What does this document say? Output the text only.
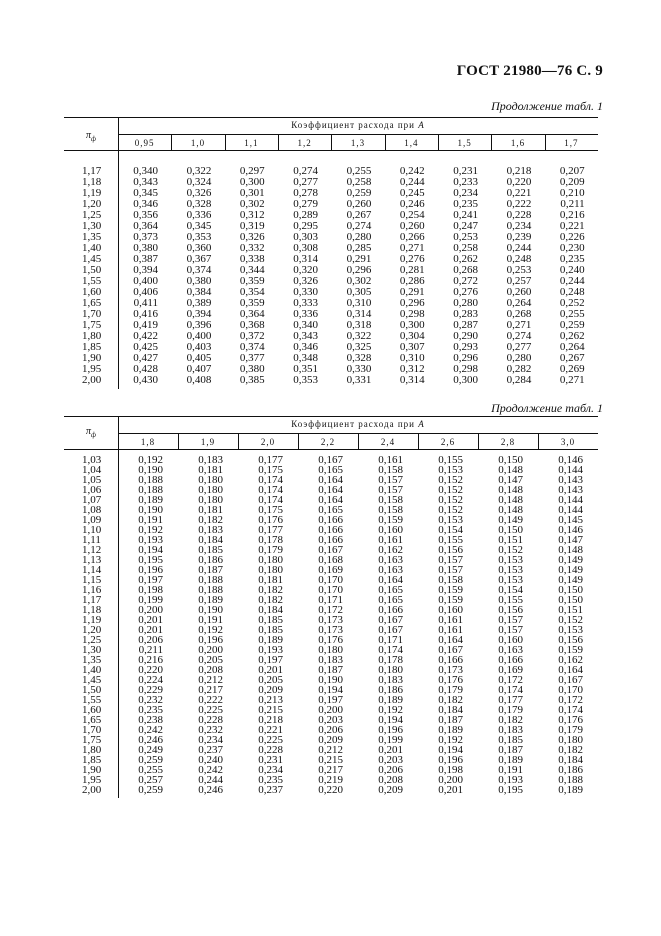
ГОСТ 21980—76 С. 9
Продолжение табл. 1
$\pi_ф$
Коэффициент расхода при A
0,95	1,0	1,1	1,2	1,3	1,4	1,5	1,6	1,7
1,17	0,340	0,322	0,297	0,274	0,255	0,242	0,231	0,218	0,207
1,18	0,343	0,324	0,300	0,277	0,258	0,244	0,233	0,220	0,209
1,19	0,345	0,326	0,301	0,278	0,259	0,245	0,234	0,221	0,210
1,20	0,346	0,328	0,302	0,279	0,260	0,246	0,235	0,222	0,211
1,25	0,356	0,336	0,312	0,289	0,267	0,254	0,241	0,228	0,216
1,30	0,364	0,345	0,319	0,295	0,274	0,260	0,247	0,234	0,221
1,35	0,373	0,353	0,326	0,303	0,280	0,266	0,253	0,239	0,226
1,40	0,380	0,360	0,332	0,308	0,285	0,271	0,258	0,244	0,230
1,45	0,387	0,367	0,338	0,314	0,291	0,276	0,262	0,248	0,235
1,50	0,394	0,374	0,344	0,320	0,296	0,281	0,268	0,253	0,240
1,55	0,400	0,380	0,359	0,326	0,302	0,286	0,272	0,257	0,244
1,60	0,406	0,384	0,354	0,330	0,305	0,291	0,276	0,260	0,248
1,65	0,411	0,389	0,359	0,333	0,310	0,296	0,280	0,264	0,252
1,70	0,416	0,394	0,364	0,336	0,314	0,298	0,283	0,268	0,255
1,75	0,419	0,396	0,368	0,340	0,318	0,300	0,287	0,271	0,259
1,80	0,422	0,400	0,372	0,343	0,322	0,304	0,290	0,274	0,262
1,85	0,425	0,403	0,374	0,346	0,325	0,307	0,293	0,277	0,264
1,90	0,427	0,405	0,377	0,348	0,328	0,310	0,296	0,280	0,267
1,95	0,428	0,407	0,380	0,351	0,330	0,312	0,298	0,282	0,269
2,00	0,430	0,408	0,385	0,353	0,331	0,314	0,300	0,284	0,271
Продолжение табл. 1
$\pi_ф$
Коэффициент расхода при A
1,8	1,9	2,0	2,2	2,4	2,6	2,8	3,0
1,03	0,192	0,183	0,177	0,167	0,161	0,155	0,150	0,146
1,04	0,190	0,181	0,175	0,165	0,158	0,153	0,148	0,144
1,05	0,188	0,180	0,174	0,164	0,157	0,152	0,147	0,143
1,06	0,188	0,180	0,174	0,164	0,157	0,152	0,148	0,143
1,07	0,189	0,180	0,174	0,164	0,158	0,152	0,148	0,144
1,08	0,190	0,181	0,175	0,165	0,158	0,152	0,148	0,144
1,09	0,191	0,182	0,176	0,166	0,159	0,153	0,149	0,145
1,10	0,192	0,183	0,177	0,166	0,160	0,154	0,150	0,146
1,11	0,193	0,184	0,178	0,166	0,161	0,155	0,151	0,147
1,12	0,194	0,185	0,179	0,167	0,162	0,156	0,152	0,148
1,13	0,195	0,186	0,180	0,168	0,163	0,157	0,153	0,149
1,14	0,196	0,187	0,180	0,169	0,163	0,157	0,153	0,149
1,15	0,197	0,188	0,181	0,170	0,164	0,158	0,153	0,149
1,16	0,198	0,188	0,182	0,170	0,165	0,159	0,154	0,150
1,17	0,199	0,189	0,182	0,171	0,165	0,159	0,155	0,150
1,18	0,200	0,190	0,184	0,172	0,166	0,160	0,156	0,151
1,19	0,201	0,191	0,185	0,173	0,167	0,161	0,157	0,152
1,20	0,201	0,192	0,185	0,173	0,167	0,161	0,157	0,153
1,25	0,206	0,196	0,189	0,176	0,171	0,164	0,160	0,156
1,30	0,211	0,200	0,193	0,180	0,174	0,167	0,163	0,159
1,35	0,216	0,205	0,197	0,183	0,178	0,166	0,166	0,162
1,40	0,220	0,208	0,201	0,187	0,180	0,173	0,169	0,164
1,45	0,224	0,212	0,205	0,190	0,183	0,176	0,172	0,167
1,50	0,229	0,217	0,209	0,194	0,186	0,179	0,174	0,170
1,55	0,232	0,222	0,213	0,197	0,189	0,182	0,177	0,172
1,60	0,235	0,225	0,215	0,200	0,192	0,184	0,179	0,174
1,65	0,238	0,228	0,218	0,203	0,194	0,187	0,182	0,176
1,70	0,242	0,232	0,221	0,206	0,196	0,189	0,183	0,179
1,75	0,246	0,234	0,225	0,209	0,199	0,192	0,185	0,180
1,80	0,249	0,237	0,228	0,212	0,201	0,194	0,187	0,182
1,85	0,259	0,240	0,231	0,215	0,203	0,196	0,189	0,184
1,90	0,255	0,242	0,234	0,217	0,206	0,198	0,191	0,186
1,95	0,257	0,244	0,235	0,219	0,208	0,200	0,193	0,188
2,00	0,259	0,246	0,237	0,220	0,209	0,201	0,195	0,189
